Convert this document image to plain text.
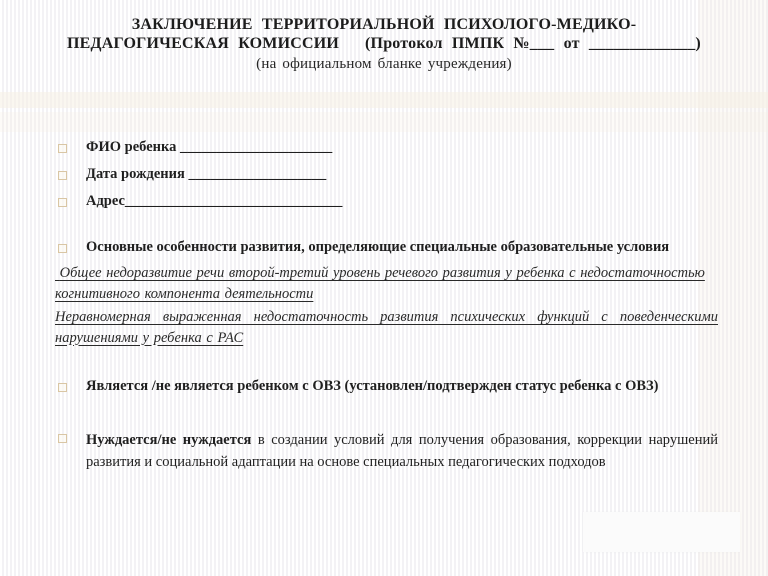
ЗАКЛЮЧЕНИЕ ТЕРРИТОРИАЛЬНОЙ ПСИХОЛОГО-МЕДИКО-
ПЕДАГОГИЧЕСКАЯ КОМИССИИ (Протокол ПМПК №___ от _____________)
(на официальном бланке учреждения)
ФИО ребенка _____________________
Дата рождения ___________________
Адрес______________________________
Основные особенности развития, определяющие специальные образовательные условия
Общее недоразвитие речи второй-третий уровень речевого развития у ребенка с недостаточностью
когнитивного компонента деятельности
Неравномерная выраженная недостаточность развития психических функций с поведенческими
нарушениями у ребенка с РАС
Является /не является ребенком с ОВЗ (установлен/подтвержден статус ребенка с ОВЗ)
Нуждается/не нуждается в создании условий для получения образования, коррекции нарушений развития и социальной адаптации на основе специальных педагогических подходов
